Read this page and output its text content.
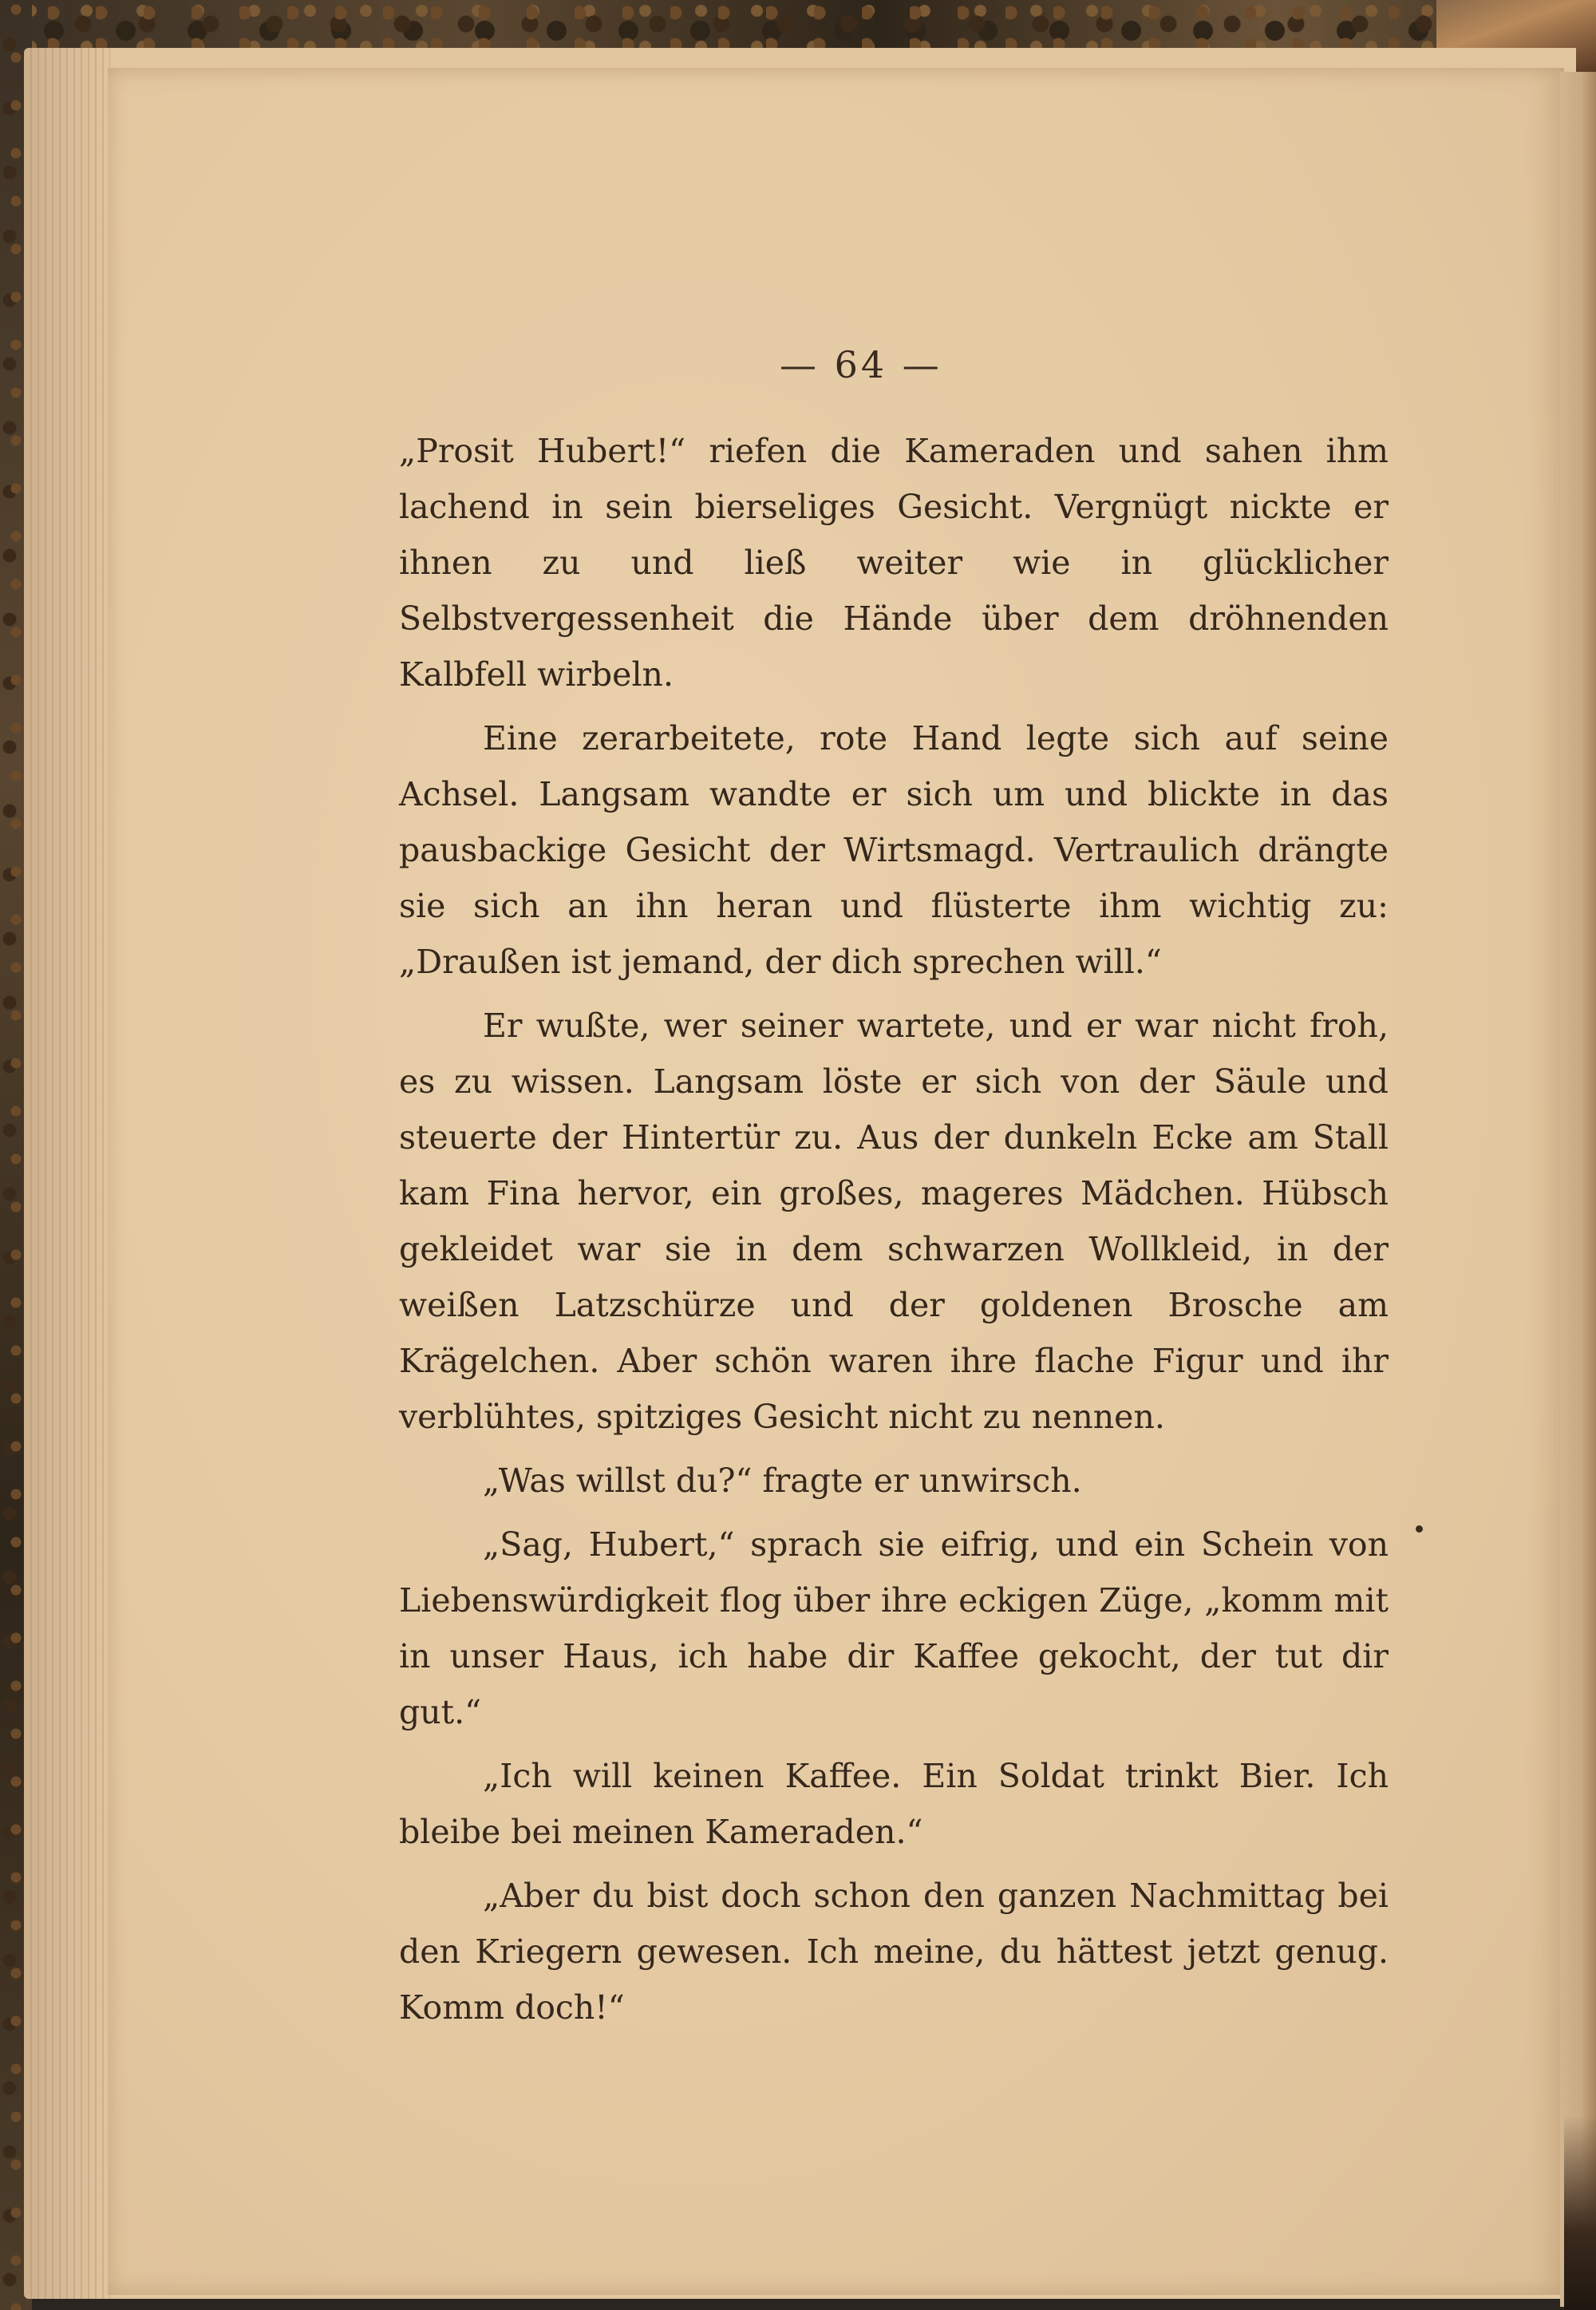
— 64 —

„Prosit Hubert!“ riefen die Kameraden und sahen ihm lachend in sein bierseliges Gesicht. Vergnügt nickte er ihnen zu und ließ weiter wie in glücklicher Selbstvergessenheit die Hände über dem dröhnenden Kalbfell wirbeln.

Eine zerarbeitete, rote Hand legte sich auf seine Achsel. Langsam wandte er sich um und blickte in das pausbackige Gesicht der Wirtsmagd. Vertraulich drängte sie sich an ihn heran und flüsterte ihm wichtig zu: „Draußen ist jemand, der dich sprechen will.“

Er wußte, wer seiner wartete, und er war nicht froh, es zu wissen. Langsam löste er sich von der Säule und steuerte der Hintertür zu. Aus der dunkeln Ecke am Stall kam Fina hervor, ein großes, mageres Mädchen. Hübsch gekleidet war sie in dem schwarzen Wollkleid, in der weißen Latzschürze und der goldenen Brosche am Krägelchen. Aber schön waren ihre flache Figur und ihr verblühtes, spitziges Gesicht nicht zu nennen.

„Was willst du?“ fragte er unwirsch.

„Sag, Hubert,“ sprach sie eifrig, und ein Schein von Liebenswürdigkeit flog über ihre eckigen Züge, „komm mit in unser Haus, ich habe dir Kaffee gekocht, der tut dir gut.“

„Ich will keinen Kaffee. Ein Soldat trinkt Bier. Ich bleibe bei meinen Kameraden.“

„Aber du bist doch schon den ganzen Nachmittag bei den Kriegern gewesen. Ich meine, du hättest jetzt genug. Komm doch!“
